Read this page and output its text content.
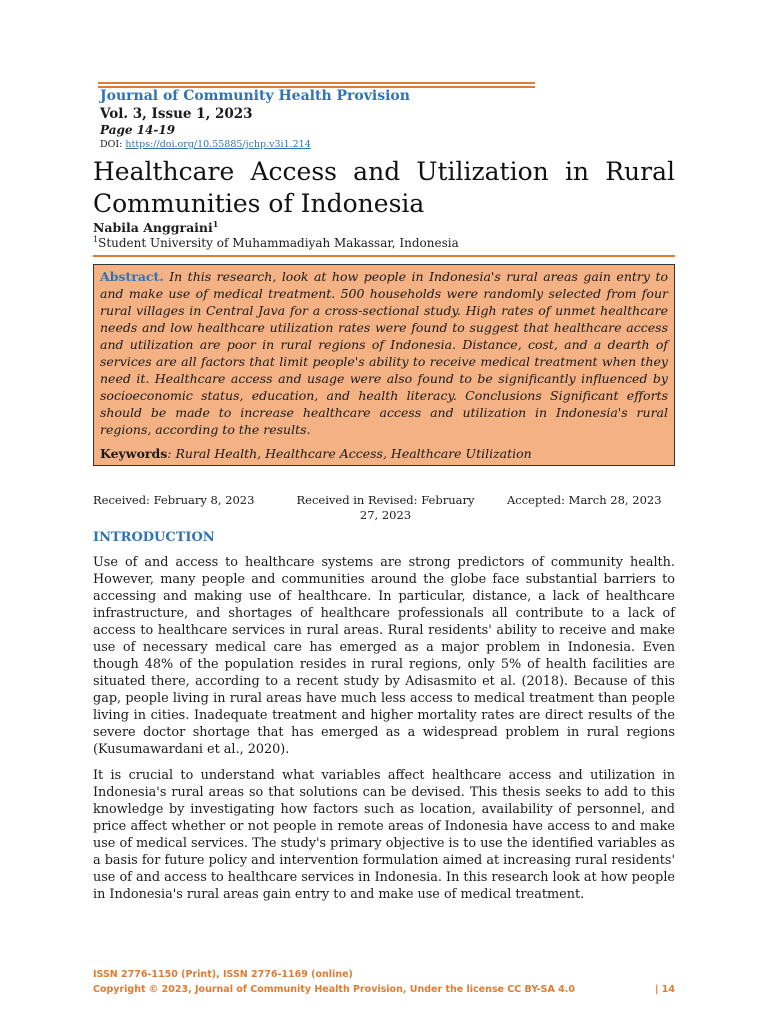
Journal of Community Health Provision
Vol. 3, Issue 1, 2023
Page 14-19
DOI: https://doi.org/10.55885/jchp.v3i1.214
Healthcare Access and Utilization in Rural Communities of Indonesia
Nabila Anggraini$^1$
$^1$Student University of Muhammadiyah Makassar, Indonesia

Abstract. In this research, look at how people in Indonesia's rural areas gain entry to and make use of medical treatment. 500 households were randomly selected from four rural villages in Central Java for a cross-sectional study. High rates of unmet healthcare needs and low healthcare utilization rates were found to suggest that healthcare access and utilization are poor in rural regions of Indonesia. Distance, cost, and a dearth of services are all factors that limit people's ability to receive medical treatment when they need it. Healthcare access and usage were also found to be significantly influenced by socioeconomic status, education, and health literacy. Conclusions Significant efforts should be made to increase healthcare access and utilization in Indonesia's rural regions, according to the results.

Keywords: Rural Health, Healthcare Access, Healthcare Utilization
Received: February 8, 2023	Received in Revised: February 27, 2023
Accepted: March 28, 2023
INTRODUCTION

Use of and access to healthcare systems are strong predictors of community health. However, many people and communities around the globe face substantial barriers to accessing and making use of healthcare. In particular, distance, a lack of healthcare infrastructure, and shortages of healthcare professionals all contribute to a lack of access to healthcare services in rural areas. Rural residents' ability to receive and make use of necessary medical care has emerged as a major problem in Indonesia. Even though 48% of the population resides in rural regions, only 5% of health facilities are situated there, according to a recent study by Adisasmito et al. (2018). Because of this gap, people living in rural areas have much less access to medical treatment than people living in cities. Inadequate treatment and higher mortality rates are direct results of the severe doctor shortage that has emerged as a widespread problem in rural regions (Kusumawardani et al., 2020).

It is crucial to understand what variables affect healthcare access and utilization in Indonesia's rural areas so that solutions can be devised. This thesis seeks to add to this knowledge by investigating how factors such as location, availability of personnel, and price affect whether or not people in remote areas of Indonesia have access to and make use of medical services. The study's primary objective is to use the identified variables as a basis for future policy and intervention formulation aimed at increasing rural residents' use of and access to healthcare services in Indonesia. In this research look at how people in Indonesia's rural areas gain entry to and make use of medical treatment.

ISSN 2776-1150 (Print), ISSN 2776-1169 (online)
Copyright © 2023, Journal of Community Health Provision, Under the license CC BY-SA 4.0	| 14
